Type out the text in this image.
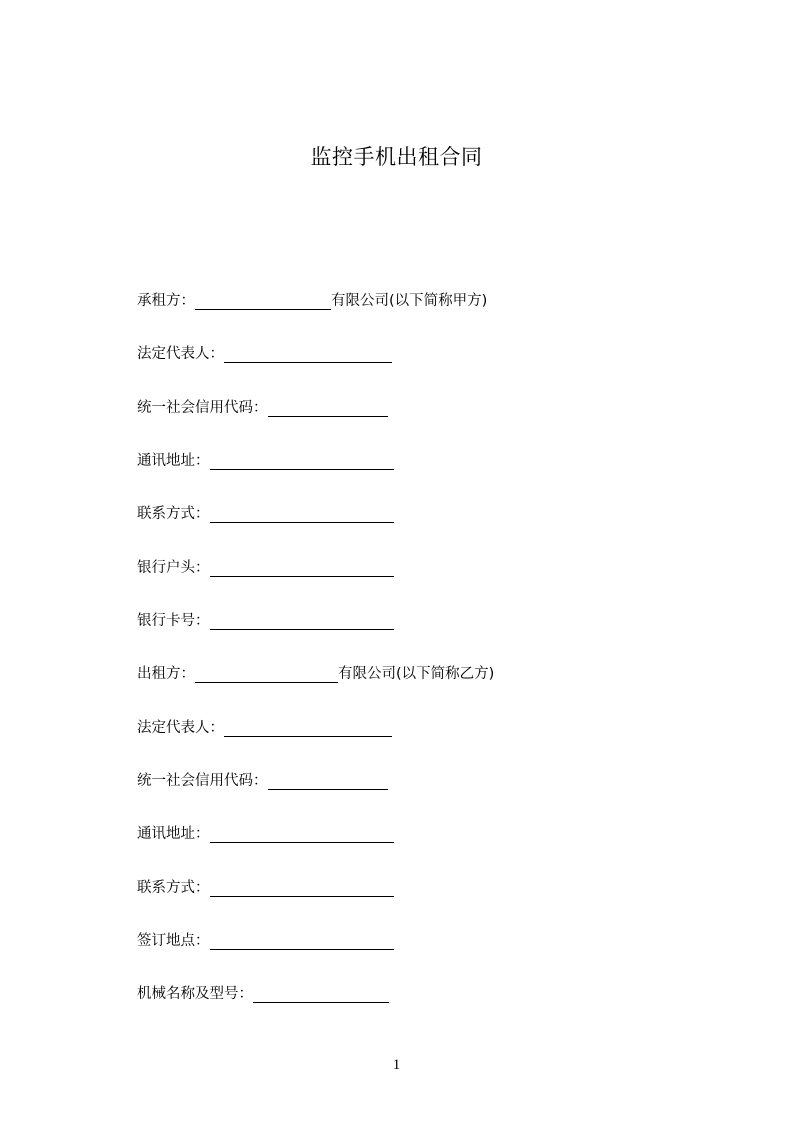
监控手机出租合同
承租方：	有限公司(以下简称甲方)
法定代表人：
统一社会信用代码：
通讯地址：
联系方式：
银行户头：
银行卡号：
出租方：	有限公司(以下简称乙方)
法定代表人：
统一社会信用代码：
通讯地址：
联系方式：
签订地点：
机械名称及型号：
1
